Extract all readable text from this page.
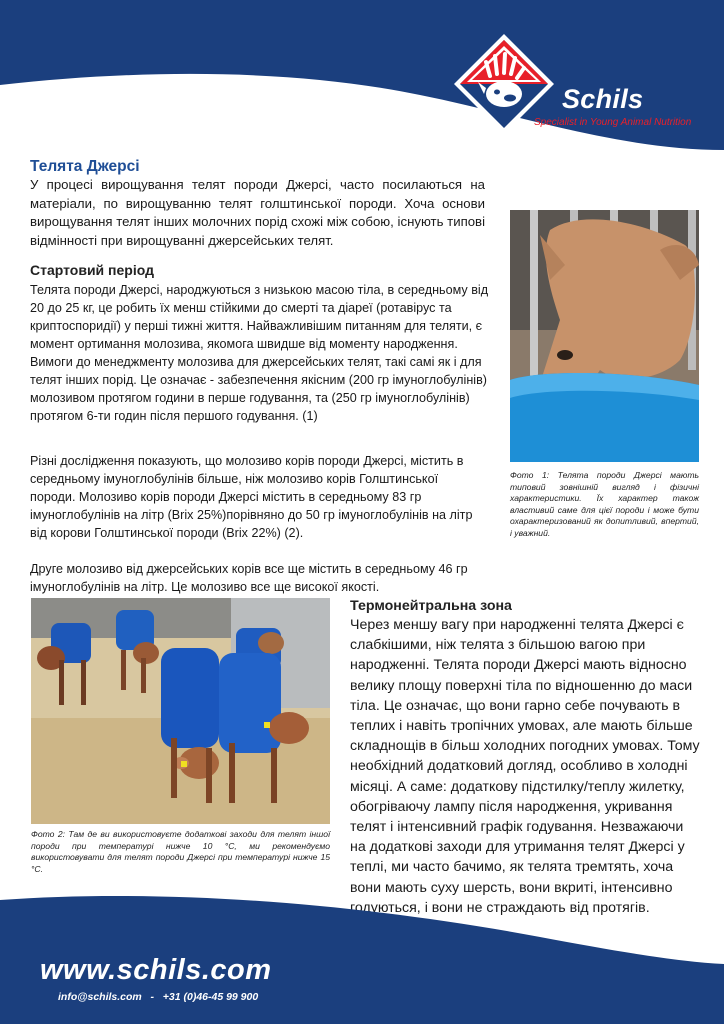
Schils
Specialist in Young Animal Nutrition
Телята Джерсі

У процесі вирощування телят породи Джерсі, часто посилаються на матеріали, по вирощуванню телят голштинської породи. Хоча основи вирощування телят інших молочних порід схожі між собою, існують типові відмінності при вирощуванні джерсейських телят.

Стартовий період

Телята породи Джерсі, народжуються з низькою масою тіла, в середньому від 20 до 25 кг, це робить їх менш стійкими до смерті та діареї (ротавірус та криптоспоридії) у перші тижні життя. Найважливішим питанням для теляти, є момент ортимання молозива, якомога швидше від моменту народження. Вимоги до менеджменту молозива для джерсейських телят, такі самі як і для телят інших порід. Це означає - забезпечення якісним (200 гр імуноглобулінів) молозивом протягом години в перше годування, та (250 гр імуноглобулінів) протягом 6-ти годин після першого годування. (1)

Різні дослідження показують, що молозиво корів породи Джерсі, містить в середньому імуноглобулінів більше, ніж молозиво корів Голштинської породи. Молозиво корів породи Джерсі містить в середньому 83 гр імуноглобулінів на літр (Brix 25%)порівняно до 50 гр імуноглобулінів на літр від корови Голштинської породи (Brix 22%) (2).

Друге молозиво від джерсейських корів все ще містить в середньому 46 гр імуноглобулінів на літр. Це молозиво все ще високої якості.

Фото 1: Телята породи Джерсі мають типовий зовнішній вигляд і фізичні характеристики. Їх характер також властивий саме для цієї породи і може бути охарактеризований як допитливий, впертий, і уважний.

Фото 2: Там де ви використовуєте додаткові заходи для телят іншої породи при температурі нижче 10 °C, ми рекомендуємо використовувати для телят породи Джерсі при температурі нижче 15 °C.

Термонейтральна зона

Через меншу вагу при народженні телята Джерсі є слабкішими, ніж телята з більшою вагою при народженні. Телята породи Джерсі мають відносно велику площу поверхні тіла по відношенню до маси тіла. Це означає, що вони гарно себе почувають в теплих і навіть тропічних умовах, але мають більше складнощів в більш холодних погодних умовах. Тому необхідний додатковий догляд, особливо в холодні місяці. А саме: додаткову підстилку/теплу жилетку, обогріваючу лампу після народження, укривання телят і інтенсивний графік годування. Незважаючи на додаткові заходи для утримання телят Джерсі у теплі, ми часто бачимо, як телята тремтять, хоча вони мають суху шерсть, вони вкриті, інтенсивно годуються, і вони не страждають від протягів.

www.schils.com
info@schils.com   -   +31 (0)46-45 99 900
